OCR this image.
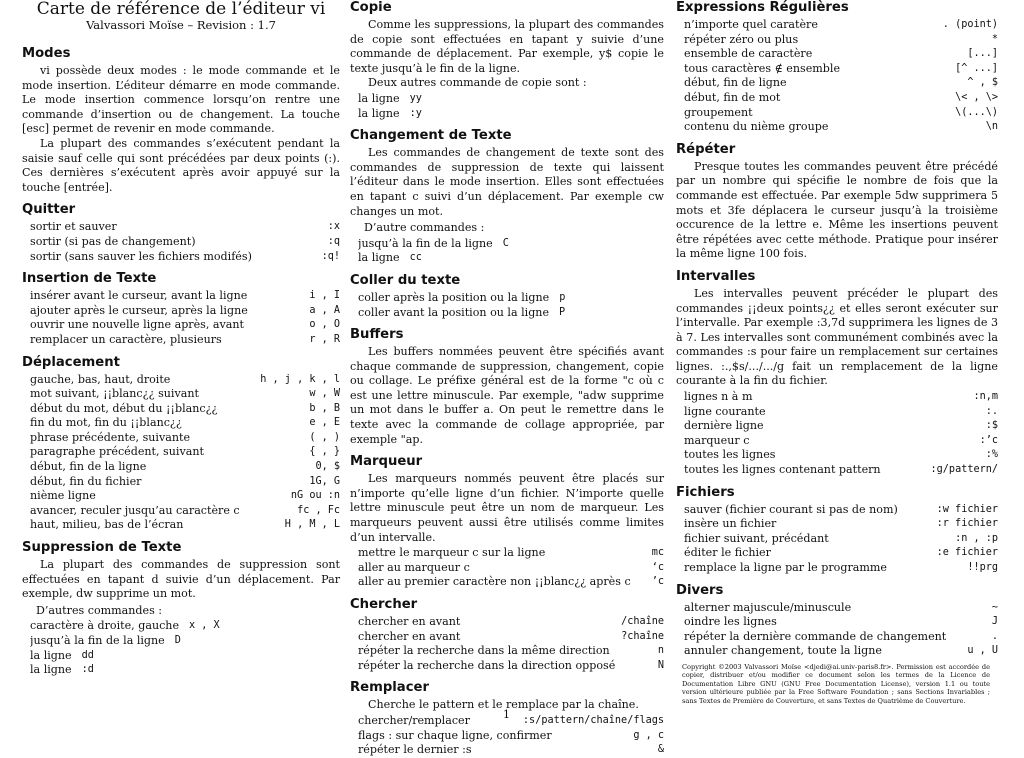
Carte de référence de l’éditeur vi
Valvassori Moïse – Revision : 1.7
Modes

vi possède deux modes : le mode commande et le mode insertion. L’éditeur démarre en mode commande. Le mode insertion commence lorsqu’on rentre une commande d’insertion ou de changement. La touche [esc] permet de revenir en mode commande.

La plupart des commandes s’exécutent pendant la saisie sauf celle qui sont précédées par deux points (:). Ces dernières s’exécutent après avoir appuyé sur la touche [entrée].

Quitter
sortir et sauver	:x
sortir (si pas de changement)	:q
sortir (sans sauver les fichiers modifés)	:q!
Insertion de Texte
insérer avant le curseur, avant la ligne	i , I
ajouter après le curseur, après la ligne	a , A
ouvrir une nouvelle ligne après, avant	o , O
remplacer un caractère, plusieurs	r , R
Déplacement
gauche, bas, haut, droite	h , j , k , l
mot suivant, ¡¡blanc¿¿ suivant	w , W
début du mot, début du ¡¡blanc¿¿	b , B
fin du mot, fin du ¡¡blanc¿¿	e , E
phrase précédente, suivante	( , )
paragraphe précédent, suivant	{ , }
début, fin de la ligne	0, $
début, fin du fichier	1G, G
nième ligne	nG ou :n
avancer, reculer jusqu’au caractère c	fc , Fc
haut, milieu, bas de l’écran	H , M , L
Suppression de Texte

La plupart des commandes de suppression sont effectuées en tapant d suivie d’un déplacement. Par exemple, dw supprime un mot.

D’autres commandes :
caractère à droite, gauche x , X
jusqu’à la fin de la ligne D
la ligne dd
la ligne :d
Copie

Comme les suppressions, la plupart des commandes de copie sont effectuées en tapant y suivie d’une commande de déplacement. Par exemple, y$ copie le texte jusqu’à le fin de la ligne.

Deux autres commande de copie sont :

la ligne yy
la ligne :y
Changement de Texte

Les commandes de changement de texte sont des commandes de suppression de texte qui laissent l’éditeur dans le mode insertion. Elles sont effectuées en tapant c suivi d’un déplacement. Par exemple cw changes un mot.

D’autre commandes :
jusqu’à la fin de la ligne C
la ligne cc
Coller du texte
coller après la position ou la ligne p
coller avant la position ou la ligne P
Buffers

Les buffers nommées peuvent être spécifiés avant chaque commande de suppression, changement, copie ou collage. Le préfixe général est de la forme "c où c est une lettre minuscule. Par exemple, "adw supprime un mot dans le buffer a. On peut le remettre dans le texte avec la commande de collage appropriée, par exemple "ap.

Marqueur

Les marqueurs nommés peuvent être placés sur n’importe qu’elle ligne d’un fichier. N’importe quelle lettre minuscule peut être un nom de marqueur. Les marqueurs peuvent aussi être utilisés comme limites d’un intervalle.

mettre le marqueur c sur la ligne	mc
aller au marqueur c	‘c
aller au premier caractère non ¡¡blanc¿¿ après c	’c
Chercher
chercher en avant	/chaîne
chercher en avant	?chaîne
répéter la recherche dans la même direction	n
répéter la recherche dans la direction opposé	N
Remplacer

Cherche le pattern et le remplace par la chaîne.

chercher/remplacer	:s/pattern/chaîne/flags
flags : sur chaque ligne, confirmer	g , c
répéter le dernier :s	&
Expressions Régulières
n’importe quel caratère	. (point)
répéter zéro ou plus	*
ensemble de caractère	[...]
tous caractères ∉ ensemble	[^ ...]
début, fin de ligne	^ , $
début, fin de mot	\< , \>
groupement	\(...\)
contenu du nième groupe	\n
Répéter

Presque toutes les commandes peuvent être précédé par un nombre qui spécifie le nombre de fois que la commande est effectuée. Par exemple 5dw supprimera 5 mots et 3fe déplacera le curseur jusqu’à la troisième occurence de la lettre e. Même les insertions peuvent être répétées avec cette méthode. Pratique pour insérer la même ligne 100 fois.

Intervalles

Les intervalles peuvent précéder le plupart des commandes ¡¡deux points¿¿ et elles seront exécuter sur l’intervalle. Par exemple :3,7d supprimera les lignes de 3 à 7. Les intervalles sont communément combinés avec la commandes :s pour faire un remplacement sur certaines lignes. :.,$s/.../.../g fait un remplacement de la ligne courante à la fin du fichier.

lignes n à m	:n,m
ligne courante	:.
dernière ligne	:$
marqueur c	:’c
toutes les lignes	:%
toutes les lignes contenant pattern	:g/pattern/
Fichiers
sauver (fichier courant si pas de nom)	:w fichier
insère un fichier	:r fichier
fichier suivant, précédant	:n , :p
éditer le fichier	:e fichier
remplace la ligne par le programme	!!prg
Divers
alterner majuscule/minuscule	~
oindre les lignes	J
répéter la dernière commande de changement	.
annuler changement, toute la ligne	u , U

Copyright ©2003 Valvassori Moïse <djedi@ai.univ-paris8.fr>. Permission est accordée de copier, distribuer et/ou modifier ce document selon les termes de la Licence de Documentation Libre GNU (GNU Free Documentation License), version 1.1 ou toute version ultérieure publiée par la Free Software Foundation ; sans Sections Invariables ; sans Textes de Première de Couverture, et sans Textes de Quatrième de Couverture.

1
